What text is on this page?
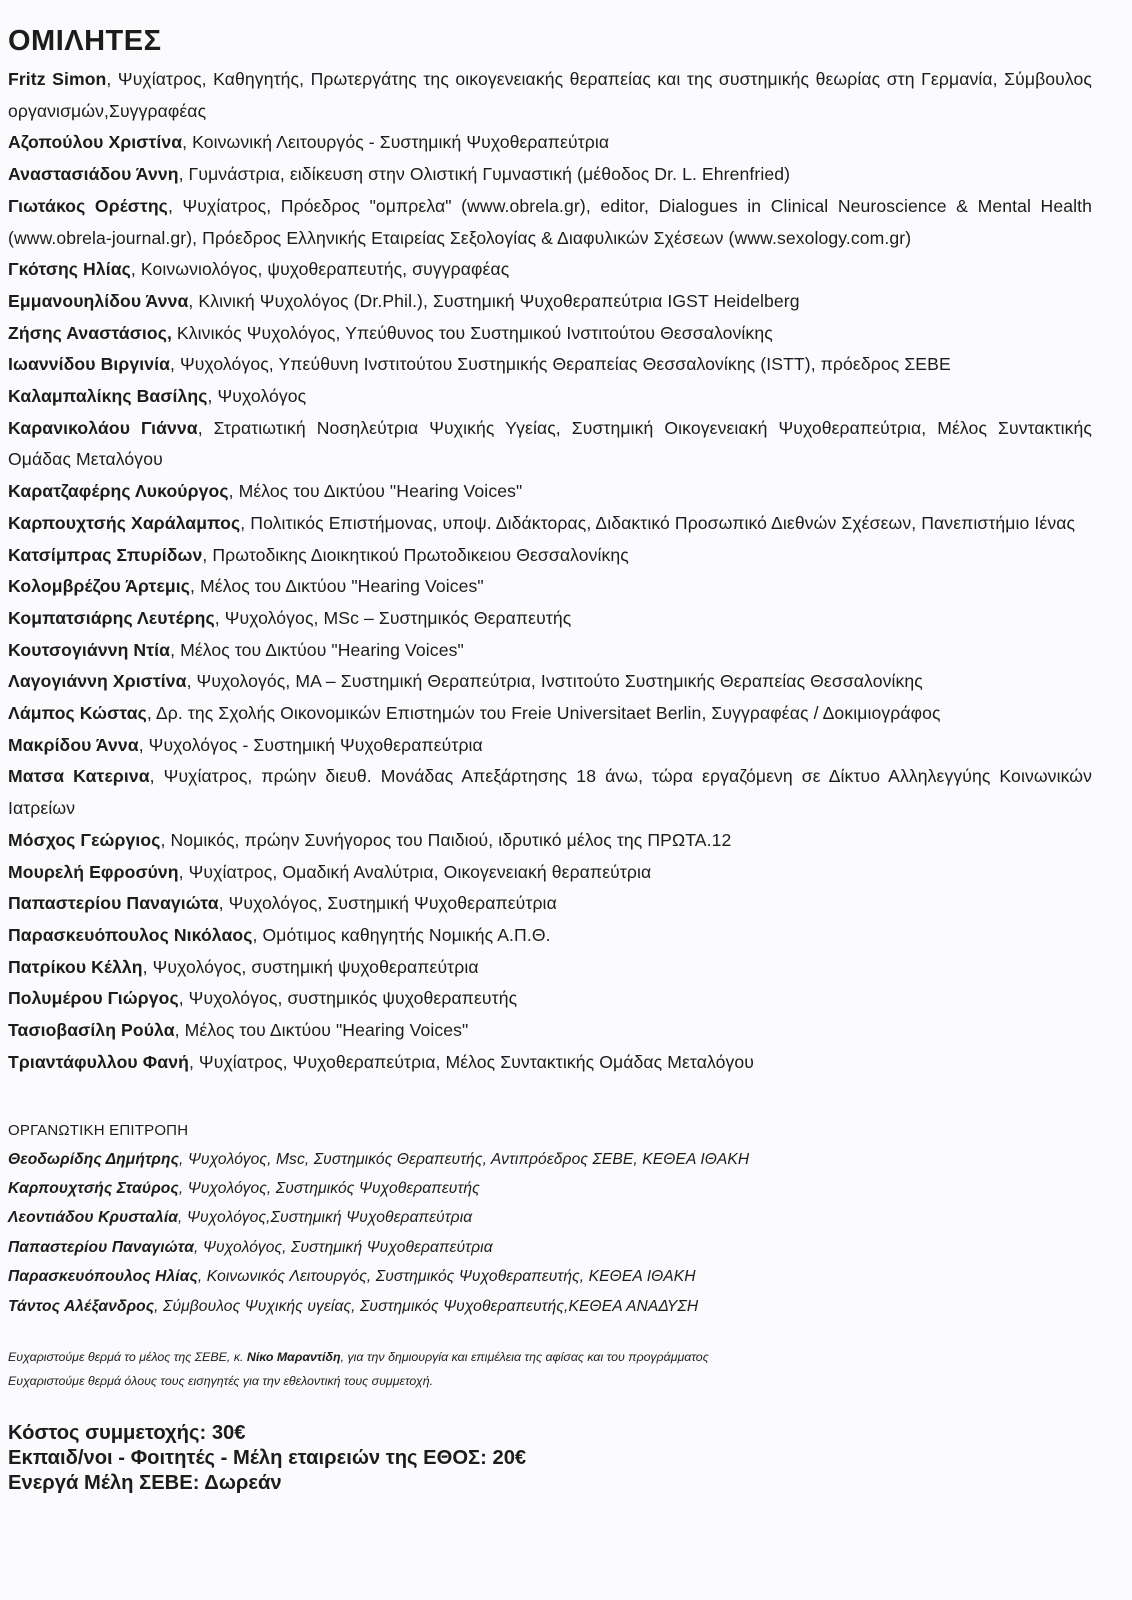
ΟΜΙΛΗΤΕΣ
Fritz Simon, Ψυχίατρος, Καθηγητής, Πρωτεργάτης της οικογενειακής θεραπείας και της συστημικής θεωρίας στη Γερμανία, Σύμβουλος οργανισμών,Συγγραφέας
Αζοπούλου Χριστίνα, Κοινωνική Λειτουργός - Συστημική Ψυχοθεραπεύτρια
Αναστασιάδου Άννη, Γυμνάστρια, ειδίκευση στην Ολιστική Γυμναστική (μέθοδος Dr. L. Ehrenfried)
Γιωτάκος Ορέστης, Ψυχίατρος, Πρόεδρος "ομπρελα" (www.obrela.gr), editor, Dialogues in Clinical Neuroscience & Mental Health (www.obrela-journal.gr), Πρόεδρος Ελληνικής Εταιρείας Σεξολογίας & Διαφυλικών Σχέσεων (www.sexology.com.gr)
Γκότσης Ηλίας, Κοινωνιολόγος, ψυχοθεραπευτής, συγγραφέας
Εμμανουηλίδου Άννα, Κλινική Ψυχολόγος (Dr.Phil.), Συστημική Ψυχοθεραπεύτρια IGST Heidelberg
Ζήσης Αναστάσιος, Κλινικός Ψυχολόγος, Υπεύθυνος του Συστημικού Ινστιτούτου Θεσσαλονίκης
Ιωαννίδου Βιργινία, Ψυχολόγος, Υπεύθυνη Ινστιτούτου Συστημικής Θεραπείας Θεσσαλονίκης (ISTT), πρόεδρος ΣΕΒΕ
Καλαμπαλίκης Βασίλης, Ψυχολόγος
Καρανικολάου Γιάννα, Στρατιωτική Νοσηλεύτρια Ψυχικής Υγείας, Συστημική Οικογενειακή Ψυχοθεραπεύτρια, Μέλος Συντακτικής Ομάδας Μεταλόγου
Καρατζαφέρης Λυκούργος, Μέλος του Δικτύου "Hearing Voices"
Καρπουχτσής Χαράλαμπος, Πολιτικός Επιστήμονας, υποψ. Διδάκτορας, Διδακτικό Προσωπικό Διεθνών Σχέσεων, Πανεπιστήμιο Ιένας
Κατσίμπρας Σπυρίδων, Πρωτοδικης Διοικητικού Πρωτοδικειου Θεσσαλονίκης
Κολομβρέζου Άρτεμις, Μέλος του Δικτύου "Hearing Voices"
Κομπατσιάρης Λευτέρης, Ψυχολόγος, MSc – Συστημικός Θεραπευτής
Κουτσογιάννη Ντία, Μέλος του Δικτύου "Hearing Voices"
Λαγογιάννη Χριστίνα, Ψυχολογός, ΜΑ – Συστημική Θεραπεύτρια, Ινστιτούτο Συστημικής Θεραπείας Θεσσαλονίκης
Λάμπος Κώστας, Δρ. της Σχολής Οικονομικών Επιστημών του Freie Universitaet Berlin, Συγγραφέας / Δοκιμιογράφος
Μακρίδου Άννα, Ψυχολόγος - Συστημική Ψυχοθεραπεύτρια
Ματσα Κατερινα, Ψυχίατρος, πρώην διευθ. Μονάδας Απεξάρτησης 18 άνω, τώρα εργαζόμενη σε Δίκτυο Αλληλεγγύης Κοινωνικών Ιατρείων
Μόσχος Γεώργιος, Νομικός, πρώην Συνήγορος του Παιδιού, ιδρυτικό μέλος της ΠΡΩΤΑ.12
Μουρελή Εφροσύνη, Ψυχίατρος, Ομαδική Αναλύτρια, Οικογενειακή θεραπεύτρια
Παπαστερίου Παναγιώτα, Ψυχολόγος, Συστημική Ψυχοθεραπεύτρια
Παρασκευόπουλος Νικόλαος, Ομότιμος καθηγητής Νομικής Α.Π.Θ.
Πατρίκου Κέλλη, Ψυχολόγος, συστημική ψυχοθεραπεύτρια
Πολυμέρου Γιώργος, Ψυχολόγος, συστημικός ψυχοθεραπευτής
Τασιοβασίλη Ρούλα, Μέλος του Δικτύου "Hearing Voices"
Τριαντάφυλλου Φανή, Ψυχίατρος, Ψυχοθεραπεύτρια, Μέλος Συντακτικής Ομάδας Μεταλόγου
ΟΡΓΑΝΩΤΙΚΗ ΕΠΙΤΡΟΠΗ
Θεοδωρίδης Δημήτρης, Ψυχολόγος, Msc, Συστημικός Θεραπευτής, Αντιπρόεδρος ΣΕΒΕ, ΚΕΘΕΑ ΙΘΑΚΗ
Καρπουχτσής Σταύρος, Ψυχολόγος, Συστημικός Ψυχοθεραπευτής
Λεοντιάδου Κρυσταλία, Ψυχολόγος,Συστημική Ψυχοθεραπεύτρια
Παπαστερίου Παναγιώτα, Ψυχολόγος, Συστημική Ψυχοθεραπεύτρια
Παρασκευόπουλος Ηλίας, Κοινωνικός Λειτουργός, Συστημικός Ψυχοθεραπευτής, ΚΕΘΕΑ ΙΘΑΚΗ
Τάντος Αλέξανδρος, Σύμβουλος Ψυχικής υγείας, Συστημικός Ψυχοθεραπευτής,ΚΕΘΕΑ ΑΝΑΔΥΣΗ
Ευχαριστούμε θερμά το μέλος της ΣΕΒΕ, κ. Νίκο Μαραντίδη, για την δημιουργία και επιμέλεια της αφίσας και του προγράμματος
Ευχαριστούμε θερμά όλους τους εισηγητές για την εθελοντική τους συμμετοχή.
Κόστος συμμετοχής: 30€
Εκπαιδ/νοι - Φοιτητές - Μέλη εταιρειών της ΕΘΟΣ: 20€
Ενεργά Μέλη ΣΕΒΕ: Δωρεάν
